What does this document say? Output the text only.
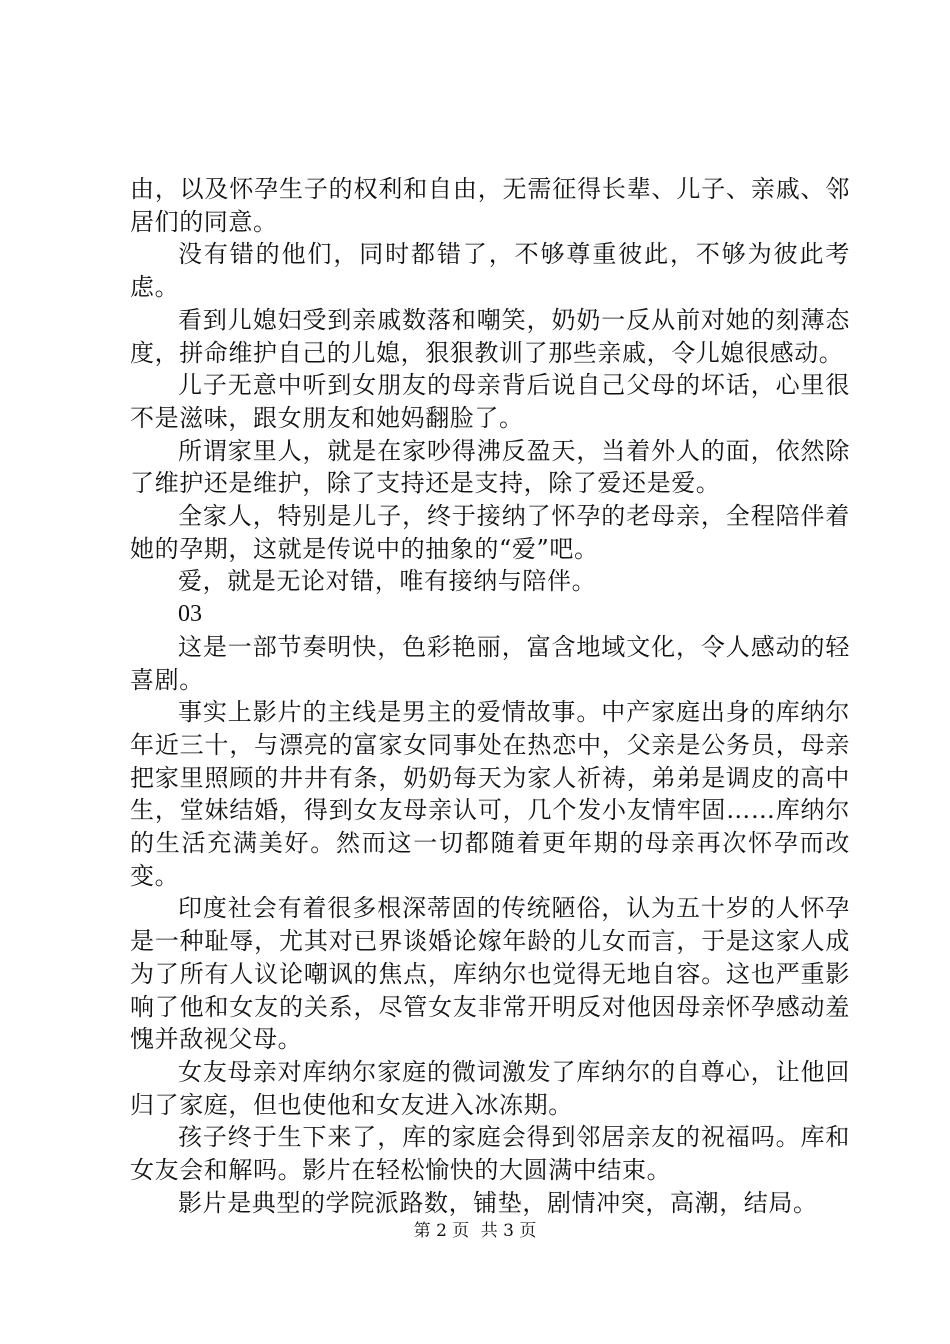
由，以及怀孕生子的权利和自由，无需征得长辈、儿子、亲戚、邻居们的同意。

没有错的他们，同时都错了，不够尊重彼此，不够为彼此考虑。

看到儿媳妇受到亲戚数落和嘲笑，奶奶一反从前对她的刻薄态度，拼命维护自己的儿媳，狠狠教训了那些亲戚，令儿媳很感动。

儿子无意中听到女朋友的母亲背后说自己父母的坏话，心里很不是滋味，跟女朋友和她妈翻脸了。

所谓家里人，就是在家吵得沸反盈天，当着外人的面，依然除了维护还是维护，除了支持还是支持，除了爱还是爱。

全家人，特别是儿子，终于接纳了怀孕的老母亲，全程陪伴着她的孕期，这就是传说中的抽象的“爱”吧。

爱，就是无论对错，唯有接纳与陪伴。

03

这是一部节奏明快，色彩艳丽，富含地域文化，令人感动的轻喜剧。

事实上影片的主线是男主的爱情故事。中产家庭出身的库纳尔年近三十，与漂亮的富家女同事处在热恋中，父亲是公务员，母亲把家里照顾的井井有条，奶奶每天为家人祈祷，弟弟是调皮的高中生，堂妹结婚，得到女友母亲认可，几个发小友情牢固……库纳尔的生活充满美好。然而这一切都随着更年期的母亲再次怀孕而改变。

印度社会有着很多根深蒂固的传统陋俗，认为五十岁的人怀孕是一种耻辱，尤其对已界谈婚论嫁年龄的儿女而言，于是这家人成为了所有人议论嘲讽的焦点，库纳尔也觉得无地自容。这也严重影响了他和女友的关系，尽管女友非常开明反对他因母亲怀孕感动羞愧并敌视父母。

女友母亲对库纳尔家庭的微词激发了库纳尔的自尊心，让他回归了家庭，但也使他和女友进入冰冻期。

孩子终于生下来了，库的家庭会得到邻居亲友的祝福吗。库和女友会和解吗。影片在轻松愉快的大圆满中结束。

影片是典型的学院派路数，铺垫，剧情冲突，高潮，结局。

第 2 页 共 3 页
